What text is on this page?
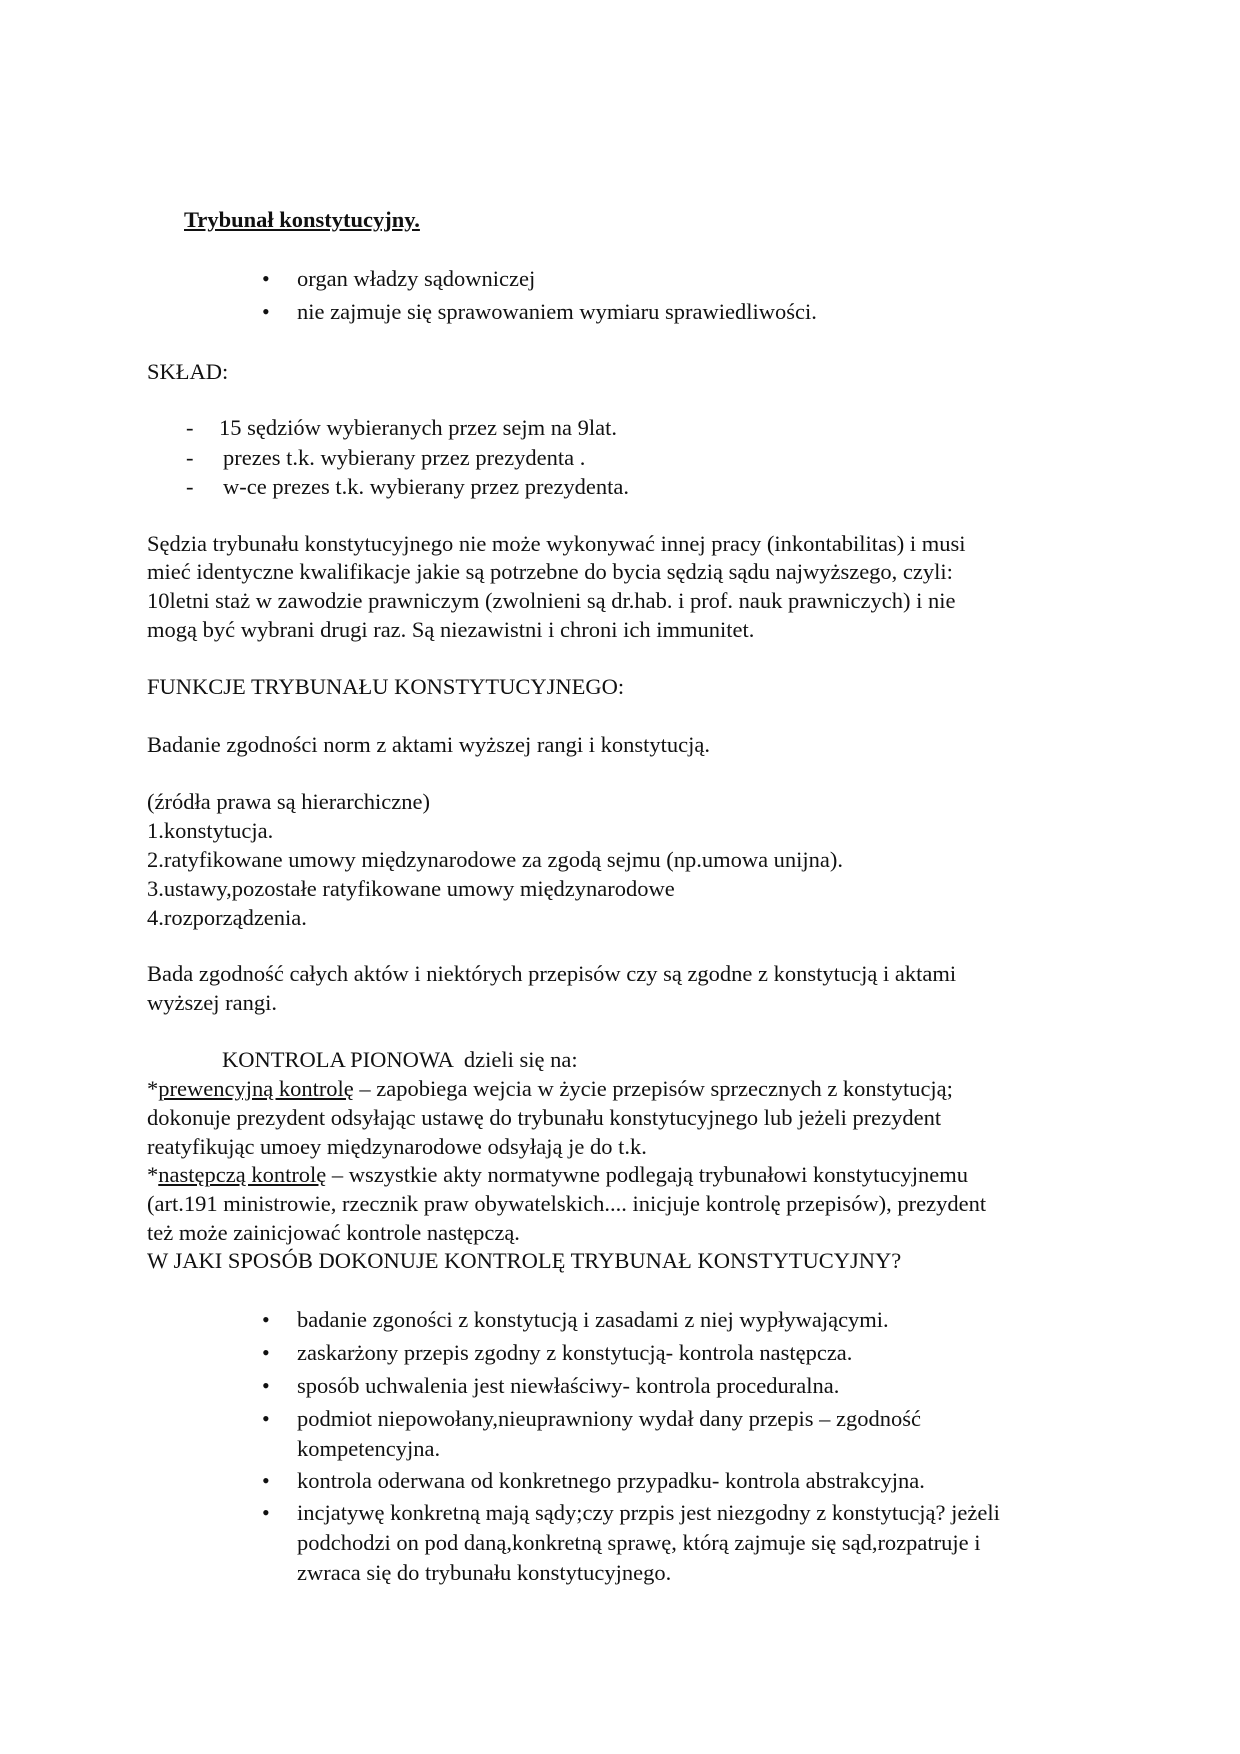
Trybunał konstytucyjny.
• organ władzy sądowniczej
• nie zajmuje się sprawowaniem wymiaru sprawiedliwości.
SKŁAD:
- 15 sędziów wybieranych przez sejm na 9lat.
- prezes t.k. wybierany przez prezydenta .
- w-ce prezes t.k. wybierany przez prezydenta.
Sędzia trybunału konstytucyjnego nie może wykonywać innej pracy (inkontabilitas) i musi
mieć identyczne kwalifikacje jakie są potrzebne do bycia sędzią sądu najwyższego, czyli:
10letni staż w zawodzie prawniczym (zwolnieni są dr.hab. i prof. nauk prawniczych) i nie
mogą być wybrani drugi raz. Są niezawistni i chroni ich immunitet.
FUNKCJE TRYBUNAŁU KONSTYTUCYJNEGO:
Badanie zgodności norm z aktami wyższej rangi i konstytucją.
(źródła prawa są hierarchiczne)
1.konstytucja.
2.ratyfikowane umowy międzynarodowe za zgodą sejmu (np.umowa unijna).
3.ustawy,pozostałe ratyfikowane umowy międzynarodowe
4.rozporządzenia.
Bada zgodność całych aktów i niektórych przepisów czy są zgodne z konstytucją i aktami
wyższej rangi.
KONTROLA PIONOWA  dzieli się na:
*prewencyjną kontrolę – zapobiega wejcia w życie przepisów sprzecznych z konstytucją;
dokonuje prezydent odsyłając ustawę do trybunału konstytucyjnego lub jeżeli prezydent
reatyfikując umoey międzynarodowe odsyłają je do t.k.
*następczą kontrolę – wszystkie akty normatywne podlegają trybunałowi konstytucyjnemu
(art.191 ministrowie, rzecznik praw obywatelskich.... inicjuje kontrolę przepisów), prezydent
też może zainicjować kontrole następczą.
W JAKI SPOSÓB DOKONUJE KONTROLĘ TRYBUNAŁ KONSTYTUCYJNY?
• badanie zgoności z konstytucją i zasadami z niej wypływającymi.
• zaskarżony przepis zgodny z konstytucją- kontrola następcza.
• sposób uchwalenia jest niewłaściwy- kontrola proceduralna.
• podmiot niepowołany,nieuprawniony wydał dany przepis – zgodność
kompetencyjna.
• kontrola oderwana od konkretnego przypadku- kontrola abstrakcyjna.
• incjatywę konkretną mają sądy;czy przpis jest niezgodny z konstytucją? jeżeli
podchodzi on pod daną,konkretną sprawę, którą zajmuje się sąd,rozpatruje i
zwraca się do trybunału konstytucyjnego.
